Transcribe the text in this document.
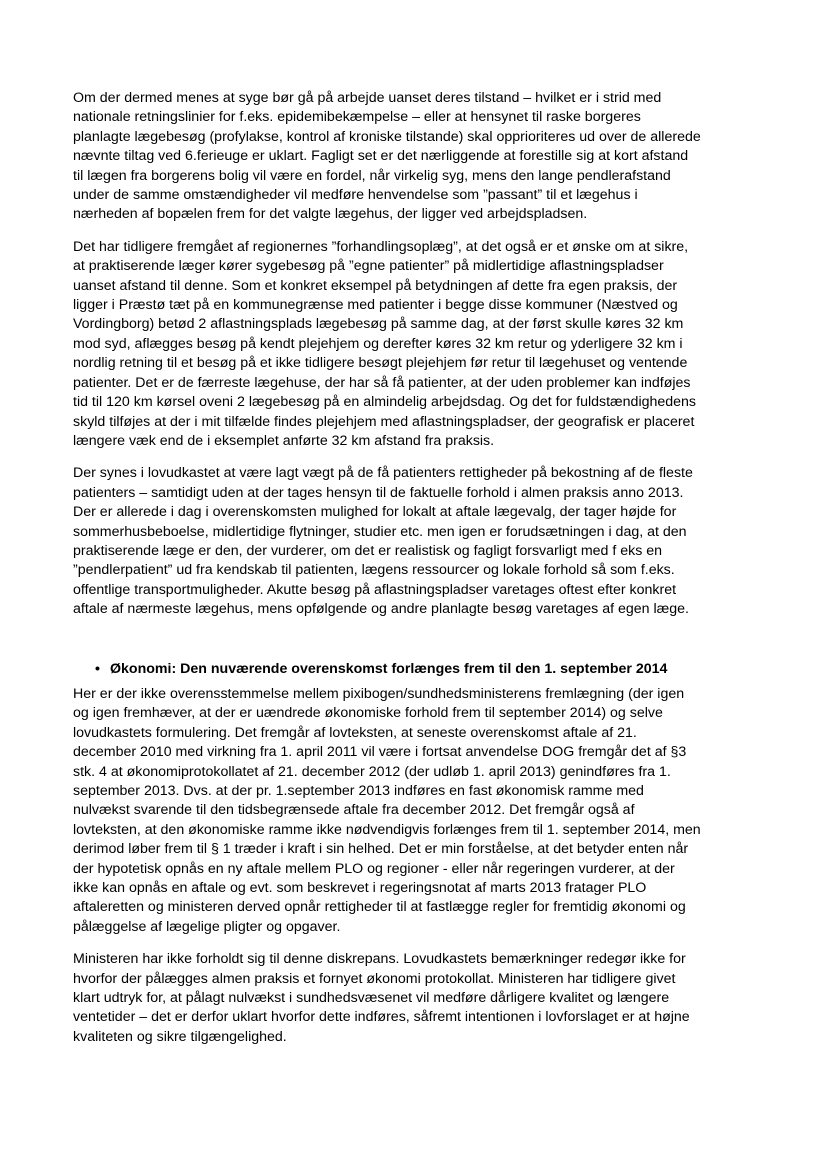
Om der dermed menes at syge bør gå på arbejde uanset deres tilstand – hvilket er i strid med
nationale retningslinier for f.eks. epidemibekæmpelse – eller at hensynet til raske borgeres
planlagte lægebesøg (profylakse, kontrol af kroniske tilstande) skal opprioriteres ud over de allerede
nævnte tiltag ved 6.ferieuge er uklart. Fagligt set er det nærliggende at forestille sig at kort afstand
til lægen fra borgerens bolig vil være en fordel, når virkelig syg, mens den lange pendlerafstand
under de samme omstændigheder vil medføre henvendelse som ”passant” til et lægehus i
nærheden af bopælen frem for det valgte lægehus, der ligger ved arbejdspladsen.

Det har tidligere fremgået af regionernes ”forhandlingsoplæg”, at det også er et ønske om at sikre,
at praktiserende læger kører sygebesøg på ”egne patienter” på midlertidige aflastningspladser
uanset afstand til denne. Som et konkret eksempel på betydningen af dette fra egen praksis, der
ligger i Præstø tæt på en kommunegrænse med patienter i begge disse kommuner (Næstved og
Vordingborg) betød 2 aflastningsplads lægebesøg på samme dag, at der først skulle køres 32 km
mod syd, aflægges besøg på kendt plejehjem og derefter køres 32 km retur og yderligere 32 km i
nordlig retning til et besøg på et ikke tidligere besøgt plejehjem før retur til lægehuset og ventende
patienter. Det er de færreste lægehuse, der har så få patienter, at der uden problemer kan indføjes
tid til 120 km kørsel oveni 2 lægebesøg på en almindelig arbejdsdag. Og det for fuldstændighedens
skyld tilføjes at der i mit tilfælde findes plejehjem med aflastningspladser, der geografisk er placeret
længere væk end de i eksemplet anførte 32 km afstand fra praksis.

Der synes i lovudkastet at være lagt vægt på de få patienters rettigheder på bekostning af de fleste
patienters – samtidigt uden at der tages hensyn til de faktuelle forhold i almen praksis anno 2013.
Der er allerede i dag i overenskomsten mulighed for lokalt at aftale lægevalg, der tager højde for
sommerhusbeboelse, midlertidige flytninger, studier etc. men igen er forudsætningen i dag, at den
praktiserende læge er den, der vurderer, om det er realistisk og fagligt forsvarligt med f eks en
”pendlerpatient” ud fra kendskab til patienten, lægens ressourcer og lokale forhold så som f.eks.
offentlige transportmuligheder. Akutte besøg på aflastningspladser varetages oftest efter konkret
aftale af nærmeste lægehus, mens opfølgende og andre planlagte besøg varetages af egen læge.

• Økonomi: Den nuværende overenskomst forlænges frem til den 1. september 2014

Her er der ikke overensstemmelse mellem pixibogen/sundhedsministerens fremlægning (der igen
og igen fremhæver, at der er uændrede økonomiske forhold frem til september 2014) og selve
lovudkastets formulering. Det fremgår af lovteksten, at seneste overenskomst aftale af 21.
december 2010 med virkning fra 1. april 2011 vil være i fortsat anvendelse DOG fremgår det af §3
stk. 4 at økonomiprotokollatet af 21. december 2012 (der udløb 1. april 2013) genindføres fra 1.
september 2013. Dvs. at der pr. 1.september 2013 indføres en fast økonomisk ramme med
nulvækst svarende til den tidsbegrænsede aftale fra december 2012. Det fremgår også af
lovteksten, at den økonomiske ramme ikke nødvendigvis forlænges frem til 1. september 2014, men
derimod løber frem til § 1 træder i kraft i sin helhed. Det er min forståelse, at det betyder enten når
der hypotetisk opnås en ny aftale mellem PLO og regioner - eller når regeringen vurderer, at der
ikke kan opnås en aftale og evt. som beskrevet i regeringsnotat af marts 2013 fratager PLO
aftaleretten og ministeren derved opnår rettigheder til at fastlægge regler for fremtidig økonomi og
pålæggelse af lægelige pligter og opgaver.

Ministeren har ikke forholdt sig til denne diskrepans. Lovudkastets bemærkninger redegør ikke for
hvorfor der pålægges almen praksis et fornyet økonomi protokollat. Ministeren har tidligere givet
klart udtryk for, at pålagt nulvækst i sundhedsvæsenet vil medføre dårligere kvalitet og længere
ventetider – det er derfor uklart hvorfor dette indføres, såfremt intentionen i lovforslaget er at højne
kvaliteten og sikre tilgængelighed.
